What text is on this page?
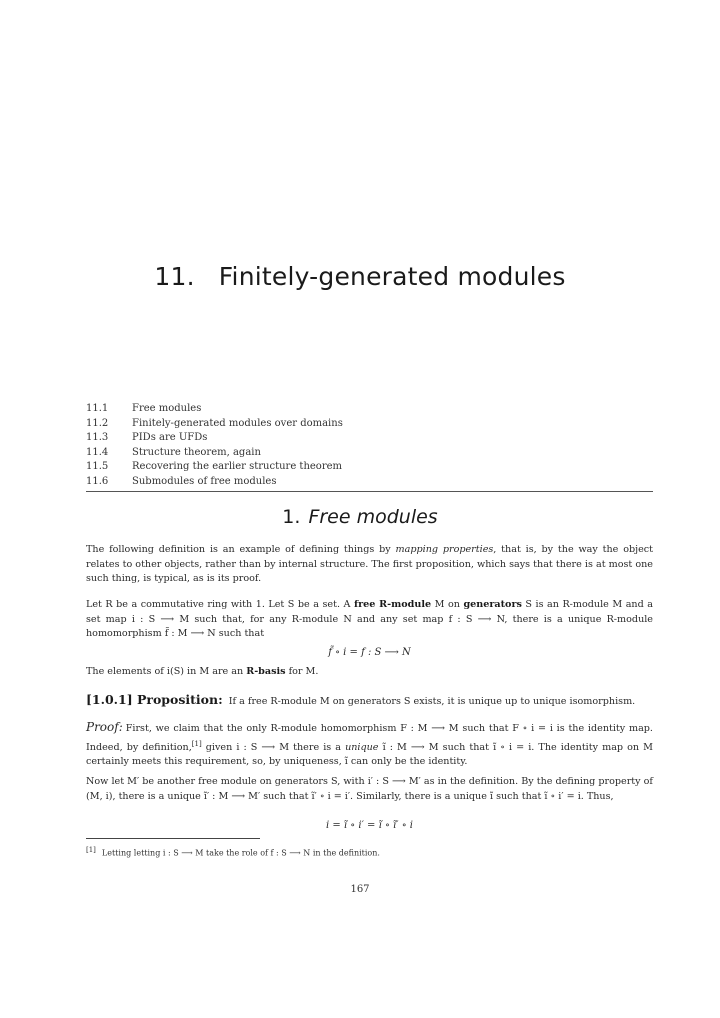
11. Finitely-generated modules
11.1	Free modules
11.2	Finitely-generated modules over domains
11.3	PIDs are UFDs
11.4	Structure theorem, again
11.5	Recovering the earlier structure theorem
11.6	Submodules of free modules
1. Free modules
The following definition is an example of defining things by mapping properties, that is, by the way the object relates to other objects, rather than by internal structure. The first proposition, which says that there is at most one such thing, is typical, as is its proof.
Let R be a commutative ring with 1. Let S be a set. A free R-module M on generators S is an R-module M and a set map i : S ⟶ M such that, for any R-module N and any set map f : S ⟶ N, there is a unique R-module homomorphism f̃ : M ⟶ N such that
f̃ ∘ i = f : S ⟶ N
The elements of i(S) in M are an R-basis for M.
[1.0.1] Proposition: If a free R-module M on generators S exists, it is unique up to unique isomorphism.
Proof: First, we claim that the only R-module homomorphism F : M ⟶ M such that F ∘ i = i is the identity map. Indeed, by definition,[1] given i : S ⟶ M there is a unique ĩ : M ⟶ M such that ĩ ∘ i = i. The identity map on M certainly meets this requirement, so, by uniqueness, ĩ can only be the identity.
Now let M′ be another free module on generators S, with i′ : S ⟶ M′ as in the definition. By the defining property of (M, i), there is a unique ĩ′ : M ⟶ M′ such that ĩ′ ∘ i = i′. Similarly, there is a unique ĩ such that ĩ ∘ i′ = i. Thus,
i = ĩ ∘ i′ = ĩ ∘ ĩ′ ∘ i
[1] Letting letting i : S ⟶ M take the role of f : S ⟶ N in the definition.
167
